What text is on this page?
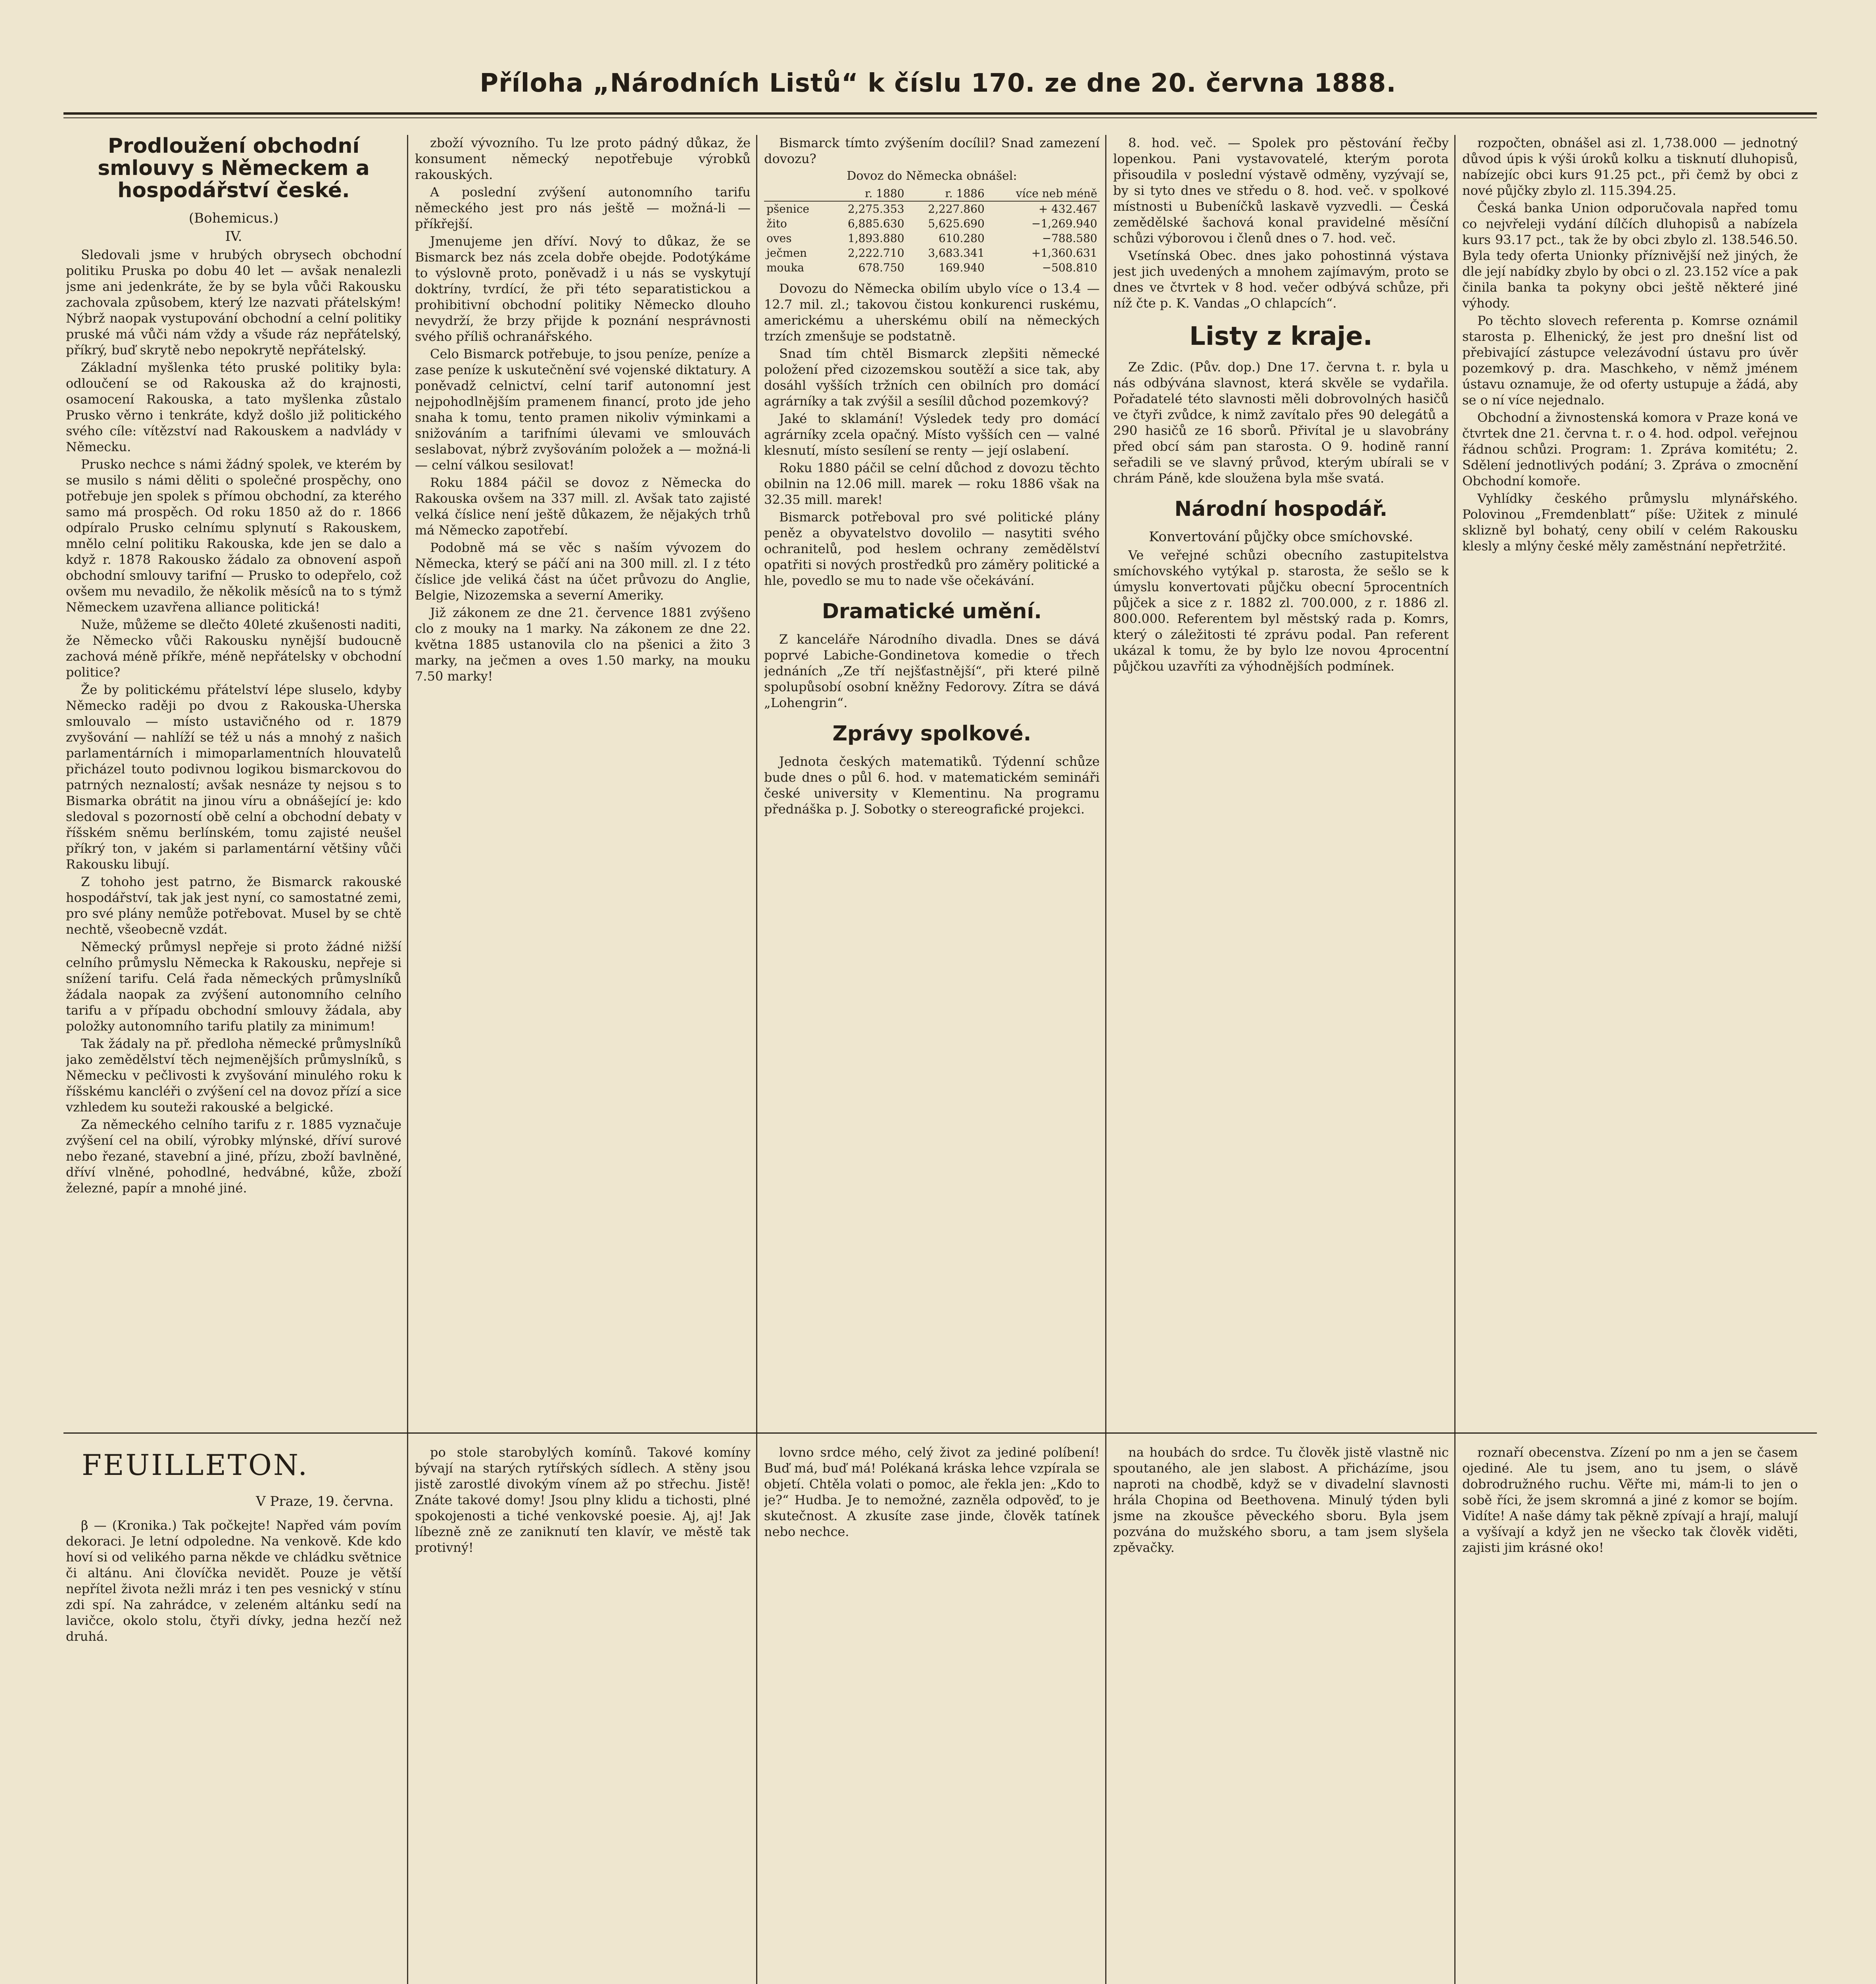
Příloha „Národních Listů“ k číslu 170. ze dne 20. června 1888.
Prodloužení obchodní smlouvy s Německem a hospodářství české.
(Bohemicus.)
IV.

Sledovali jsme v hrubých obrysech obchodní politiku Pruska po dobu 40 let — avšak nenalezli jsme ani jedenkráte, že by se byla vůči Rakousku zachovala způsobem, který lze nazvati přátelským! Nýbrž naopak vystupování obchodní a celní politiky pruské má vůči nám vždy a všude ráz nepřátelský, příkrý, buď skrytě nebo nepokrytě nepřátelský.

Základní myšlenka této pruské politiky byla: odloučení se od Rakouska až do krajnosti, osamocení Rakouska, a tato myšlenka zůstalo Prusko věrno i tenkráte, když došlo již politického svého cíle: vítězství nad Rakouskem a nadvlády v Německu.

Prusko nechce s námi žádný spolek, ve kterém by se musilo s námi děliti o společné prospěchy, ono potřebuje jen spolek s přímou obchodní, za kterého samo má prospěch. Od roku 1850 až do r. 1866 odpíralo Prusko celnímu splynutí s Rakouskem, mnělo celní politiku Rakouska, kde jen se dalo a když r. 1878 Rakousko žádalo za obnovení aspoň obchodní smlouvy tarifní — Prusko to odepřelo, což ovšem mu nevadilo, že několik měsíců na to s týmž Německem uzavřena alliance politická!

Nuže, můžeme se dlečto 40leté zkušenosti naditi, že Německo vůči Rakousku nynější budoucně zachová méně příkře, méně nepřátelsky v obchodní politice?

Že by politickému přátelství lépe sluselo, kdyby Německo raději po dvou z Rakouska-Uherska smlouvalo — místo ustavičného od r. 1879 zvyšování — nahlíží se též u nás a mnohý z našich parlamentárních i mimoparlamentních hlouvatelů přicházel touto podivnou logikou bismarckovou do patrných neznalostí; avšak nesnáze ty nejsou s to Bismarka obrátit na jinou víru a obnášející je: kdo sledoval s pozorností obě celní a obchodní debaty v říšském sněmu berlínském, tomu zajisté neušel příkrý ton, v jakém si parlamentární většiny vůči Rakousku libují.

Z tohoho jest patrno, že Bismarck rakouské hospodářství, tak jak jest nyní, co samostatné zemi, pro své plány nemůže potřebovat. Musel by se chtě nechtě, všeobecně vzdát.

Německý průmysl nepřeje si proto žádné nižší celního průmyslu Německa k Rakousku, nepřeje si snížení tarifu. Celá řada německých průmyslníků žádala naopak za zvýšení autonomního celního tarifu a v případu obchodní smlouvy žádala, aby položky autonomního tarifu platily za minimum!

Tak žádaly na př. předloha německé průmyslníků jako zemědělství těch nejmenějších průmyslníků, s Německu v pečlivosti k zvyšování minulého roku k říšskému kancléři o zvýšení cel na dovoz přízí a sice vzhledem ku souteži rakouské a belgické.

Za německého celního tarifu z r. 1885 vyznačuje zvýšení cel na obilí, výrobky mlýnské, dříví surové nebo řezané, stavební a jiné, přízu, zboží bavlněné, dříví vlněné, pohodlné, hedvábné, kůže, zboží železné, papír a mnohé jiné.

zboží vývozního. Tu lze proto pádný důkaz, že konsument německý nepotřebuje výrobků rakouských.

A poslední zvýšení autonomního tarifu německého jest pro nás ještě — možná-li — příkřejší.

Jmenujeme jen dříví. Nový to důkaz, že se Bismarck bez nás zcela dobře obejde. Podotýkáme to výslovně proto, poněvadž i u nás se vyskytují doktríny, tvrdící, že při této separatistickou a prohibitivní obchodní politiky Německo dlouho nevydrží, že brzy přijde k poznání nesprávnosti svého příliš ochranářského.

Celo Bismarck potřebuje, to jsou peníze, peníze a zase peníze k uskutečnění své vojenské diktatury. A poněvadž celnictví, celní tarif autonomní jest nejpohodlnějším pramenem financí, proto jde jeho snaha k tomu, tento pramen nikoliv výminkami a snižováním a tarifními úlevami ve smlouvách seslabovat, nýbrž zvyšováním položek a — možná-li — celní válkou sesilovat!

Roku 1884 páčil se dovoz z Německa do Rakouska ovšem na 337 mill. zl. Avšak tato zajisté velká číslice není ještě důkazem, že nějakých trhů má Německo zapotřebí.

Podobně má se věc s naším vývozem do Německa, který se páčí ani na 300 mill. zl. I z této číslice jde veliká část na účet průvozu do Anglie, Belgie, Nizozemska a severní Ameriky.

Již zákonem ze dne 21. července 1881 zvýšeno clo z mouky na 1 marky. Na zákonem ze dne 22. května 1885 ustanovila clo na pšenici a žito 3 marky, na ječmen a oves 1.50 marky, na mouku 7.50 marky!

Bismarck tímto zvýšením docílil? Snad zamezení dovozu?

Dovoz do Německa obnášel:
	r. 1880	r. 1886	více neb méně
pšenice	2,275.353	2,227.860	+ 432.467
žito	6,885.630	5,625.690	−1,269.940
oves	1,893.880	610.280	−788.580
ječmen	2,222.710	3,683.341	+1,360.631
mouka	678.750	169.940	−508.810

Dovozu do Německa obilím ubylo více o 13.4 — 12.7 mil. zl.; takovou čistou konkurenci ruskému, americkému a uherskému obilí na německých trzích zmenšuje se podstatně.

Snad tím chtěl Bismarck zlepšiti německé položení před cizozemskou soutěží a sice tak, aby dosáhl vyšších tržních cen obilních pro domácí agrárníky a tak zvýšil a sesílil důchod pozemkový?

Jaké to sklamání! Výsledek tedy pro domácí agrárníky zcela opačný. Místo vyšších cen — valné klesnutí, místo sesílení se renty — její oslabení.

Roku 1880 páčil se celní důchod z dovozu těchto obilnin na 12.06 mill. marek — roku 1886 však na 32.35 mill. marek!

Bismarck potřeboval pro své politické plány peněz a obyvatelstvo dovolilo — nasytiti svého ochranitelů, pod heslem ochrany zemědělství opatřiti si nových prostředků pro záměry politické a hle, povedlo se mu to nade vše očekávání.

Dramatické umění.

Z kanceláře Národního divadla. Dnes se dává poprvé Labiche-Gondinetova komedie o třech jednáních „Ze tří nejšťastnější“, při které pilně spolupůsobí osobní kněžny Fedorovy. Zítra se dává „Lohengrin“.

Zprávy spolkové.

Jednota českých matematiků. Týdenní schůze bude dnes o půl 6. hod. v matematickém semináři české university v Klementinu. Na programu přednáška p. J. Sobotky o stereografické projekci.

8. hod. več. — Spolek pro pěstování řečby lopenkou. Pani vystavovatelé, kterým porota přisoudila v poslední výstavě odměny, vyzývají se, by si tyto dnes ve středu o 8. hod. več. v spolkové místnosti u Bubeníčků laskavě vyzvedli. — Česká zemědělské šachová konal pravidelné měsíční schůzi výborovou i členů dnes o 7. hod. več.

Vsetínská Obec. dnes jako pohostinná výstava jest jich uvedených a mnohem zajímavým, proto se dnes ve čtvrtek v 8 hod. večer odbývá schůze, při níž čte p. K. Vandas „O chlapcích“.

Listy z kraje.

Ze Zdic. (Pův. dop.) Dne 17. června t. r. byla u nás odbývána slavnost, která skvěle se vydařila. Pořadatelé této slavnosti měli dobrovolných hasičů ve čtyři zvůdce, k nimž zavítalo přes 90 delegátů a 290 hasičů ze 16 sborů. Přivítal je u slavobrány před obcí sám pan starosta. O 9. hodině ranní seřadili se ve slavný průvod, kterým ubírali se v chrám Páně, kde sloužena byla mše svatá.

Národní hospodář.
Konvertování půjčky obce smíchovské.

Ve veřejné schůzi obecního zastupitelstva smíchovského vytýkal p. starosta, že sešlo se k úmyslu konvertovati půjčku obecní 5procentních půjček a sice z r. 1882 zl. 700.000, z r. 1886 zl. 800.000. Referentem byl městský rada p. Komrs, který o záležitosti té zprávu podal. Pan referent ukázal k tomu, že by bylo lze novou 4procentní půjčkou uzavříti za výhodnějších podmínek.

rozpočten, obnášel asi zl. 1,738.000 — jednotný důvod úpis k výši úroků kolku a tisknutí dluhopisů, nabízejíc obci kurs 91.25 pct., při čemž by obci z nové půjčky zbylo zl. 115.394.25.

Česká banka Union odporučovala napřed tomu co nejvřeleji vydání dílčích dluhopisů a nabízela kurs 93.17 pct., tak že by obci zbylo zl. 138.546.50. Byla tedy oferta Unionky příznivější než jiných, že dle její nabídky zbylo by obci o zl. 23.152 více a pak činila banka ta pokyny obci ještě některé jiné výhody.

Po těchto slovech referenta p. Komrse oznámil starosta p. Elhenický, že jest pro dnešní list od přebivající zástupce velezávodní ústavu pro úvěr pozemkový p. dra. Maschkeho, v němž jménem ústavu oznamuje, že od oferty ustupuje a žádá, aby se o ní více nejednalo.

Obchodní a živnostenská komora v Praze koná ve čtvrtek dne 21. června t. r. o 4. hod. odpol. veřejnou řádnou schůzi. Program: 1. Zpráva komitétu; 2. Sdělení jednotlivých podání; 3. Zpráva o zmocnění Obchodní komoře.

Vyhlídky českého průmyslu mlynářského. Polovinou „Fremdenblatt“ píše: Užitek z minulé sklizně byl bohatý, ceny obilí v celém Rakousku klesly a mlýny české měly zaměstnání nepřetržité.

FEUILLETON.
V Praze, 19. června.

β — (Kronika.) Tak počkejte! Napřed vám povím dekoraci. Je letní odpoledne. Na venkově. Kde kdo hoví si od velikého parna někde ve chládku světnice či altánu. Ani človíčka nevidět. Pouze je větší nepřítel života nežli mráz i ten pes vesnický v stínu zdi spí. Na zahrádce, v zeleném altánku sedí na lavičce, okolo stolu, čtyři dívky, jedna hezčí než druhá.

po stole starobylých komínů. Takové komíny bývají na starých rytířských sídlech. A stěny jsou jistě zarostlé divokým vínem až po střechu. Jistě! Znáte takové domy! Jsou plny klidu a tichosti, plné spokojenosti a tiché venkovské poesie. Aj, aj! Jak líbezně zně ze zaniknutí ten klavír, ve městě tak protivný!

lovno srdce mého, celý život za jediné políbení! Buď má, buď má! Polékaná kráska lehce vzpírala se objetí. Chtěla volati o pomoc, ale řekla jen: „Kdo to je?“ Hudba. Je to nemožné, zazněla odpověď, to je skutečnost. A zkusíte zase jinde, člověk tatínek nebo nechce.

na houbách do srdce. Tu člověk jistě vlastně nic spoutaného, ale jen slabost. A přicházíme, jsou naproti na chodbě, když se v divadelní slavnosti hrála Chopina od Beethovena. Minulý týden byli jsme na zkoušce pěveckého sboru. Byla jsem pozvána do mužského sboru, a tam jsem slyšela zpěvačky.

roznaří obecenstva. Zízení po nm a jen se časem ojediné. Ale tu jsem, ano tu jsem, o slávě dobrodružného ruchu. Věřte mi, mám-li to jen o sobě říci, že jsem skromná a jiné z komor se bojím. Vidíte! A naše dámy tak pěkně zpívají a hrají, malují a vyšívají a když jen ne všecko tak člověk viděti, zajisti jim krásné oko!
